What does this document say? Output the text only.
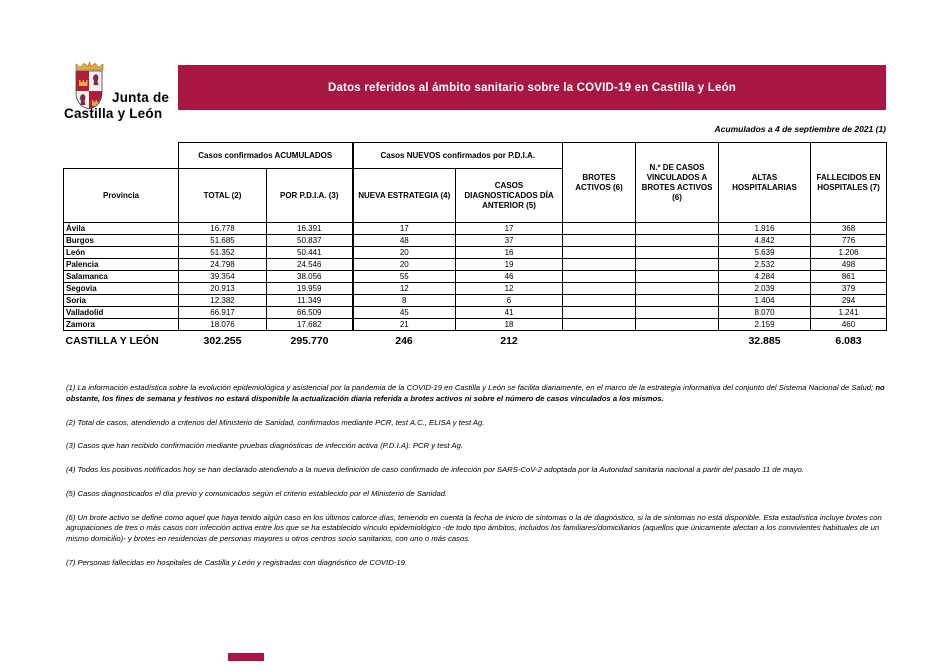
Junta de
Castilla y León
Datos referidos al ámbito sanitario sobre la COVID-19 en Castilla y León
Acumulados a 4 de septiembre de 2021 (1)
	Casos confirmados ACUMULADOS		Casos NUEVOS confirmados por P.D.I.A.		BROTES ACTIVOS (6)	N.º DE CASOS VINCULADOS A BROTES ACTIVOS (6)	ALTAS HOSPITALARIAS	FALLECIDOS EN HOSPITALES (7)
Provincia	TOTAL (2)	POR P.D.I.A. (3)	NUEVA ESTRATEGIA (4)	CASOS DIAGNOSTICADOS DÍA ANTERIOR (5)				
Ávila	16.778	16.391	17	17			1.916	368
Burgos	51.685	50.837	48	37			4.842	776
León	51.352	50.441	20	16			5.639	1.206
Palencia	24.798	24.546	20	19			2.532	498
Salamanca	39.354	38.056	55	46			4.284	861
Segovia	20.913	19.959	12	12			2.039	379
Soria	12.382	11.349	8	6			1.404	294
Valladolid	66.917	66.509	45	41			8.070	1.241
Zamora	18.076	17.682	21	18			2.159	460
CASTILLA Y LEÓN	302.255	295.770	246	212			32.885	6.083

(1) La información estadística sobre la evolución epidemiológica y asistencial por la pandemia de la COVID-19 en Castilla y León se facilita diariamente, en el marco de la estrategia informativa del conjunto del Sistema Nacional de Salud; no obstante, los fines de semana y festivos no estará disponible la actualización diaria referida a brotes activos ni sobre el número de casos vinculados a los mismos.

(2) Total de casos, atendiendo a criterios del Ministerio de Sanidad, confirmados mediante PCR, test A.C., ELISA y test Ag.

(3) Casos que han recibido confirmación mediante pruebas diagnósticas de infección activa (P.D.I.A): PCR y test Ag.

(4) Todos los positivos notificados hoy se han declarado atendiendo a la nueva definición de caso confirmado de infección por SARS-CoV-2 adoptada por la Autoridad sanitaria nacional a partir del pasado 11 de mayo.

(5) Casos diagnosticados el día previo y comunicados según el criterio establecido por el Ministerio de Sanidad.

(6) Un brote activo se define como aquel que haya tenido algún caso en los últimos catorce días, teniendo en cuenta la fecha de inicio de síntomas o la de diagnóstico, si la de síntomas no está disponible. Esta estadística incluye brotes con agrupaciones de tres o más casos con infección activa entre los que se ha establecido vínculo epidemiológico -de todo tipo ámbitos, incluidos los familiares/domiciliarios (aquellos que únicamente afectan a los convivientes habituales de un mismo domicilio)- y brotes en residencias de personas mayores u otros centros socio sanitarios, con uno o más casos.

(7) Personas fallecidas en hospitales de Castilla y León y registradas con diagnóstico de COVID-19.
